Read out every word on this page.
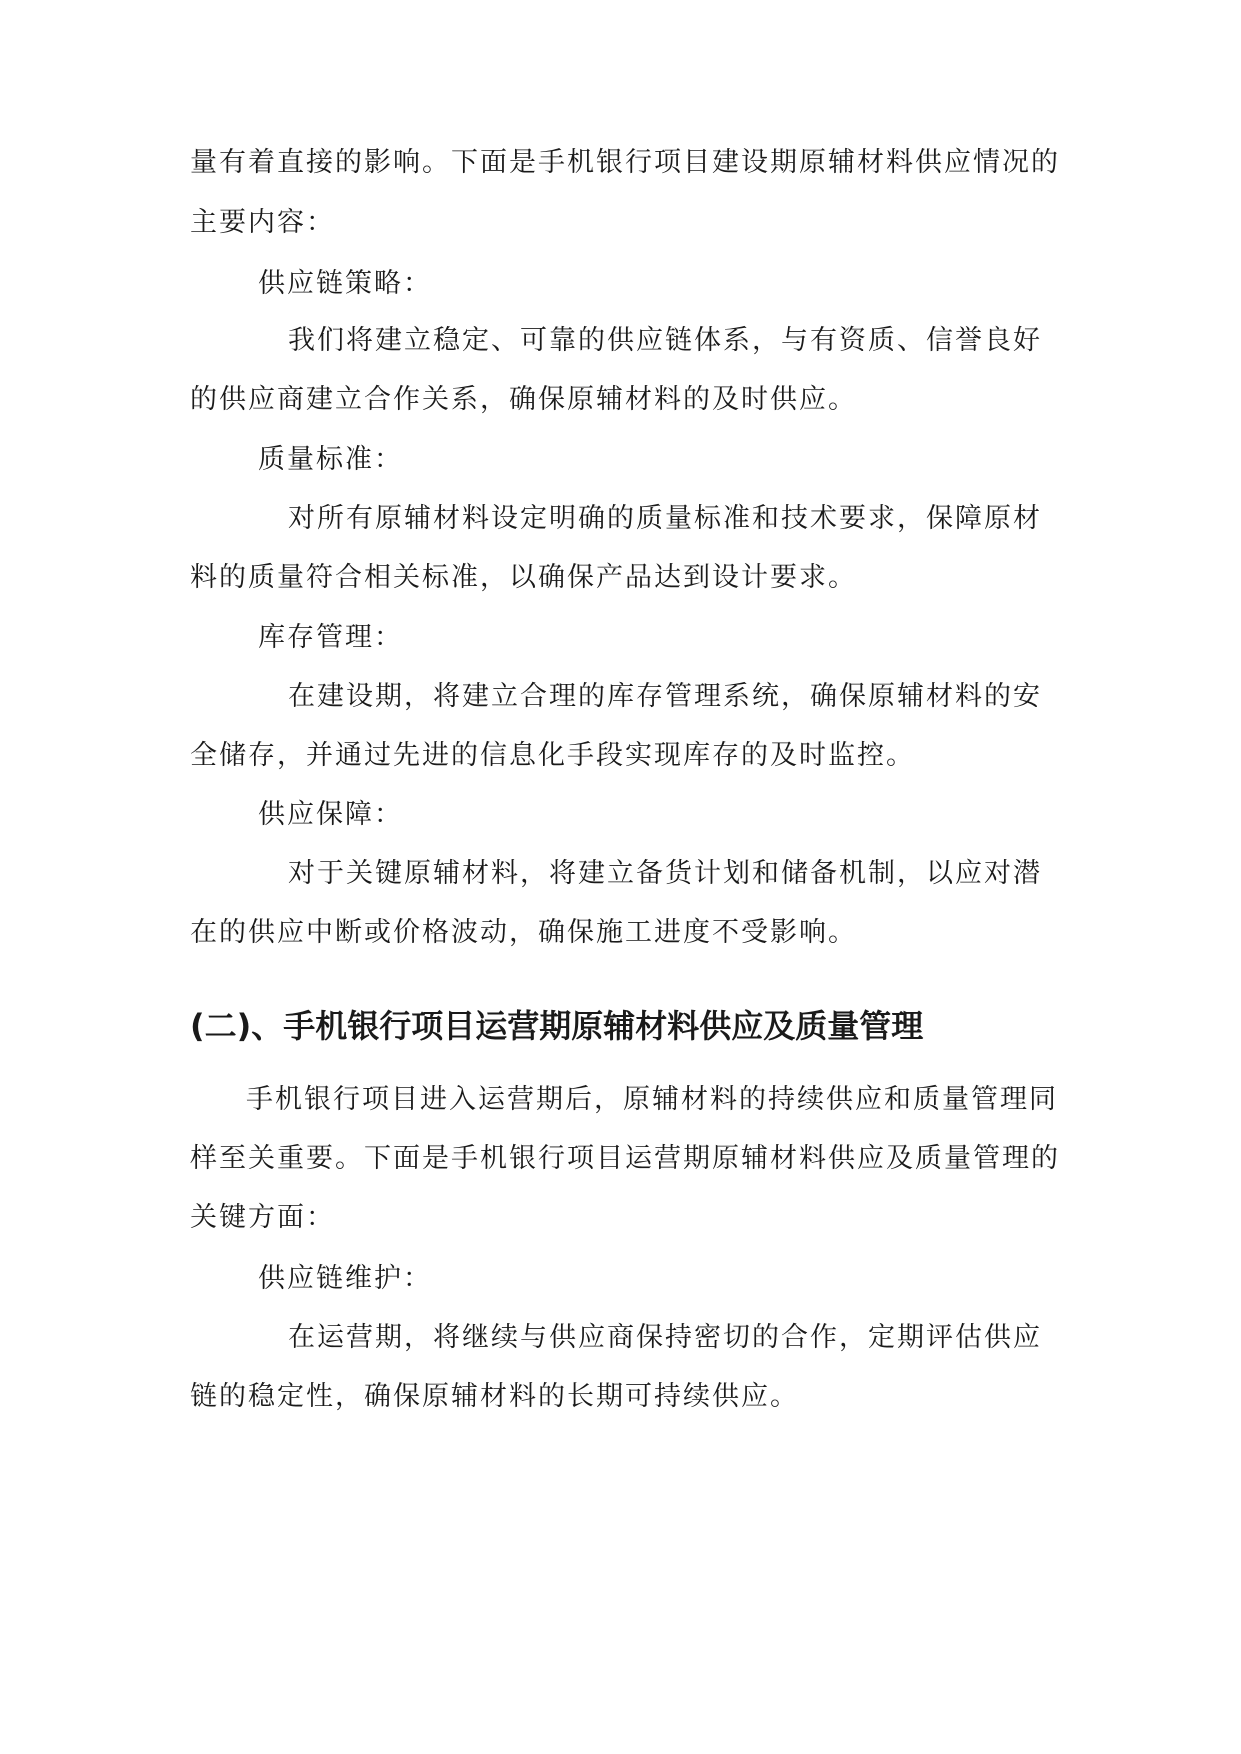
量有着直接的影响。下面是手机银行项目建设期原辅材料供应情况的
主要内容：
供应链策略：
我们将建立稳定、可靠的供应链体系，与有资质、信誉良好
的供应商建立合作关系，确保原辅材料的及时供应。
质量标准：
对所有原辅材料设定明确的质量标准和技术要求，保障原材
料的质量符合相关标准，以确保产品达到设计要求。
库存管理：
在建设期，将建立合理的库存管理系统，确保原辅材料的安
全储存，并通过先进的信息化手段实现库存的及时监控。
供应保障：
对于关键原辅材料，将建立备货计划和储备机制，以应对潜
在的供应中断或价格波动，确保施工进度不受影响。
(二)、手机银行项目运营期原辅材料供应及质量管理
手机银行项目进入运营期后，原辅材料的持续供应和质量管理同
样至关重要。下面是手机银行项目运营期原辅材料供应及质量管理的
关键方面：
供应链维护：
在运营期，将继续与供应商保持密切的合作，定期评估供应
链的稳定性，确保原辅材料的长期可持续供应。
